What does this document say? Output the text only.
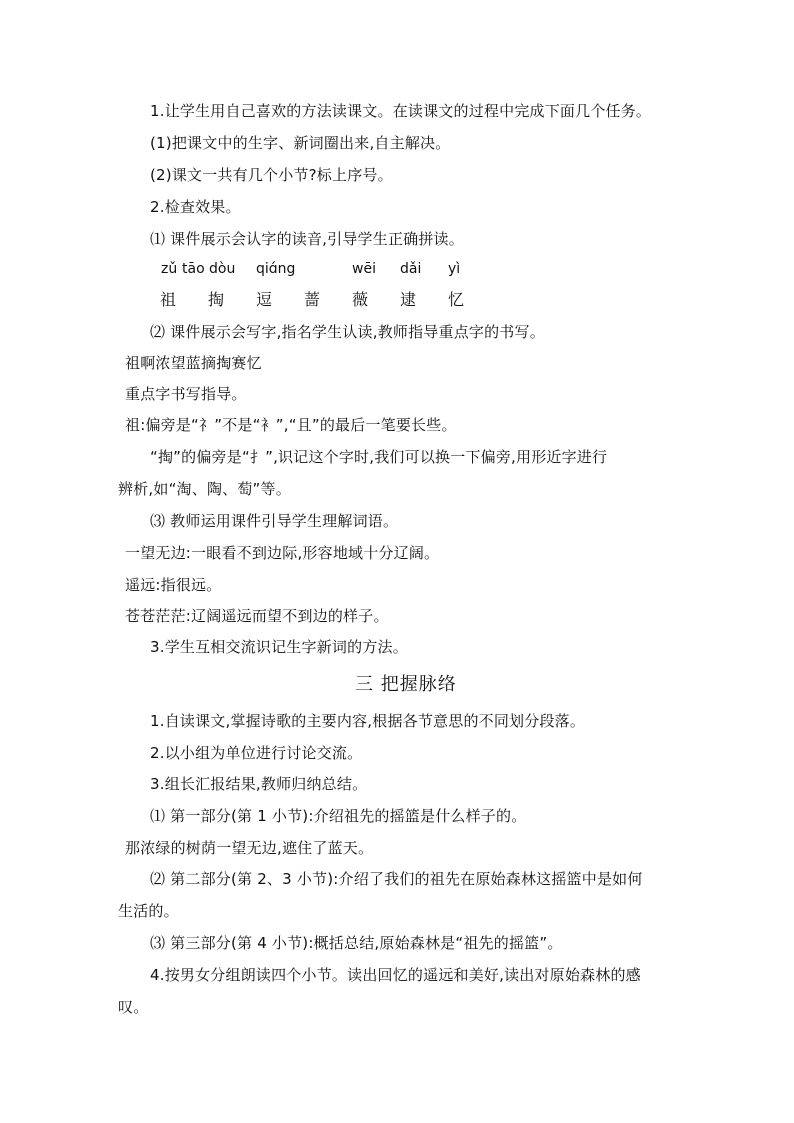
1.让学生用自己喜欢的方法读课文。在读课文的过程中完成下面几个任务。
(1)把课文中的生字、新词圈出来,自主解决。
(2)课文一共有几个小节?标上序号。
2.检查效果。
⑴ 课件展示会认字的读音,引导学生正确拼读。
zǔ tāo dòu qiɑ́ng	wēi dǎi yì
祖 掏 逗 蔷 薇 逮 忆
⑵ 课件展示会写字,指名学生认读,教师指导重点字的书写。
祖啊浓望蓝摘掏赛忆
重点字书写指导。
祖:偏旁是“礻”不是“衤”,“且”的最后一笔要长些。
“掏”的偏旁是“扌”,识记这个字时,我们可以换一下偏旁,用形近字进行
辨析,如“淘、陶、萄”等。
⑶ 教师运用课件引导学生理解词语。
一望无边:一眼看不到边际,形容地域十分辽阔。
遥远:指很远。
苍苍茫茫:辽阔遥远而望不到边的样子。
3.学生互相交流识记生字新词的方法。
三 把握脉络
1.自读课文,掌握诗歌的主要内容,根据各节意思的不同划分段落。
2.以小组为单位进行讨论交流。
3.组长汇报结果,教师归纳总结。
⑴ 第一部分(第 1 小节):介绍祖先的摇篮是什么样子的。
那浓绿的树荫一望无边,遮住了蓝天。
⑵ 第二部分(第 2、3 小节):介绍了我们的祖先在原始森林这摇篮中是如何
生活的。
⑶ 第三部分(第 4 小节):概括总结,原始森林是“祖先的摇篮”。
4.按男女分组朗读四个小节。读出回忆的遥远和美好,读出对原始森林的感
叹。
